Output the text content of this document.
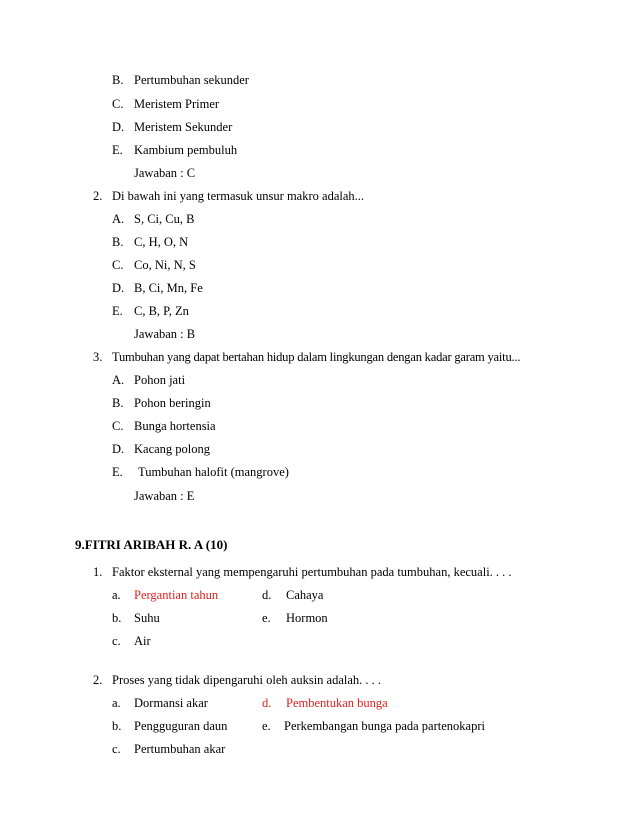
B. Pertumbuhan sekunder
C. Meristem Primer
D. Meristem Sekunder
E. Kambium pembuluh
Jawaban : C
2. Di bawah ini yang termasuk unsur makro adalah...
A. S, Ci, Cu, B
B. C, H, O, N
C. Co, Ni, N, S
D. B, Ci, Mn, Fe
E. C, B, P, Zn
Jawaban : B
3. Tumbuhan yang dapat bertahan hidup dalam lingkungan dengan kadar garam yaitu...
A. Pohon jati
B. Pohon beringin
C. Bunga hortensia
D. Kacang polong
E. Tumbuhan halofit (mangrove)
Jawaban : E
9.FITRI ARIBAH R. A (10)
1. Faktor eksternal yang mempengaruhi pertumbuhan pada tumbuhan, kecuali. . . .
a. Pergantian tahun	d. Cahaya
b. Suhu	e. Hormon
c. Air
2. Proses yang tidak dipengaruhi oleh auksin adalah. . . .
a. Dormansi akar	d. Pembentukan bunga
b. Pengguguran daun	e. Perkembangan bunga pada partenokapri
c. Pertumbuhan akar
